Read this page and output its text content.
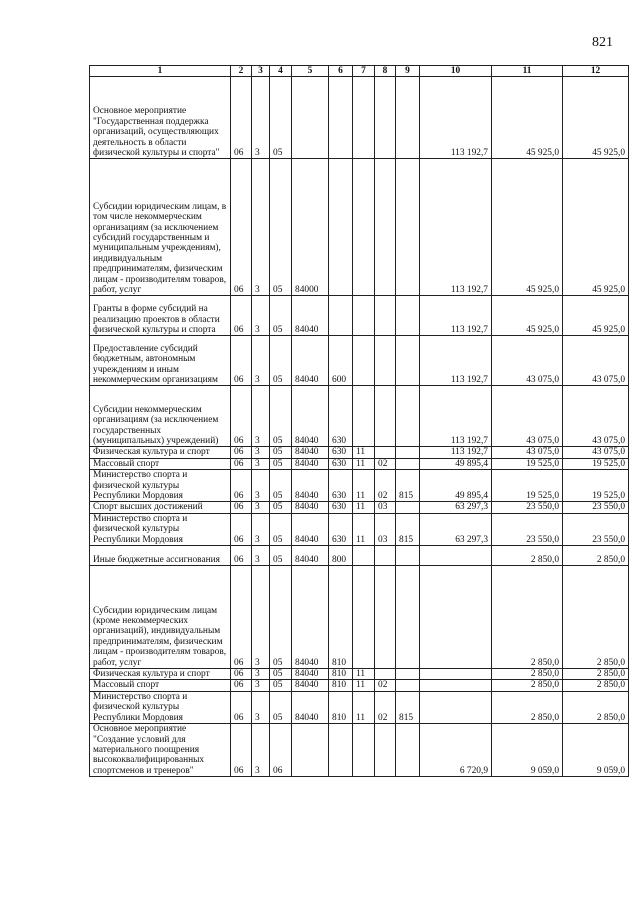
821
1	2	3	4	5	6	7	8	9	10	11	12
Основное мероприятие "Государственная поддержка организаций, осуществляющих деятельность в области физической культуры и спорта"	06	3	05						113 192,7	45 925,0	45 925,0
Субсидии юридическим лицам, в том числе некоммерческим организациям (за исключением субсидий государственным и муниципальным учреждениям), индивидуальным предпринимателям, физическим лицам - производителям товаров, работ, услуг	06	3	05	84000					113 192,7	45 925,0	45 925,0
Гранты в форме субсидий на реализацию проектов в области физической культуры и спорта	06	3	05	84040					113 192,7	45 925,0	45 925,0
Предоставление субсидий бюджетным, автономным учреждениям и иным некоммерческим организациям	06	3	05	84040	600				113 192,7	43 075,0	43 075,0
Субсидии некоммерческим организациям (за исключением государственных (муниципальных) учреждений)	06	3	05	84040	630				113 192,7	43 075,0	43 075,0
Физическая культура и спорт	06	3	05	84040	630	11			113 192,7	43 075,0	43 075,0
Массовый спорт	06	3	05	84040	630	11	02		49 895,4	19 525,0	19 525,0
Министерство спорта и физической культуры Республики Мордовия	06	3	05	84040	630	11	02	815	49 895,4	19 525,0	19 525,0
Спорт высших достижений	06	3	05	84040	630	11	03		63 297,3	23 550,0	23 550,0
Министерство спорта и физической культуры Республики Мордовия	06	3	05	84040	630	11	03	815	63 297,3	23 550,0	23 550,0
Иные бюджетные ассигнования	06	3	05	84040	800					2 850,0	2 850,0
Субсидии юридическим лицам (кроме некоммерческих организаций), индивидуальным предпринимателям, физическим лицам - производителям товаров, работ, услуг	06	3	05	84040	810					2 850,0	2 850,0
Физическая культура и спорт	06	3	05	84040	810	11				2 850,0	2 850,0
Массовый спорт	06	3	05	84040	810	11	02			2 850,0	2 850,0
Министерство спорта и физической культуры Республики Мордовия	06	3	05	84040	810	11	02	815		2 850,0	2 850,0
Основное мероприятие "Создание условий для материального поощрения высококвалифицированных спортсменов и тренеров"	06	3	06						6 720,9	9 059,0	9 059,0
